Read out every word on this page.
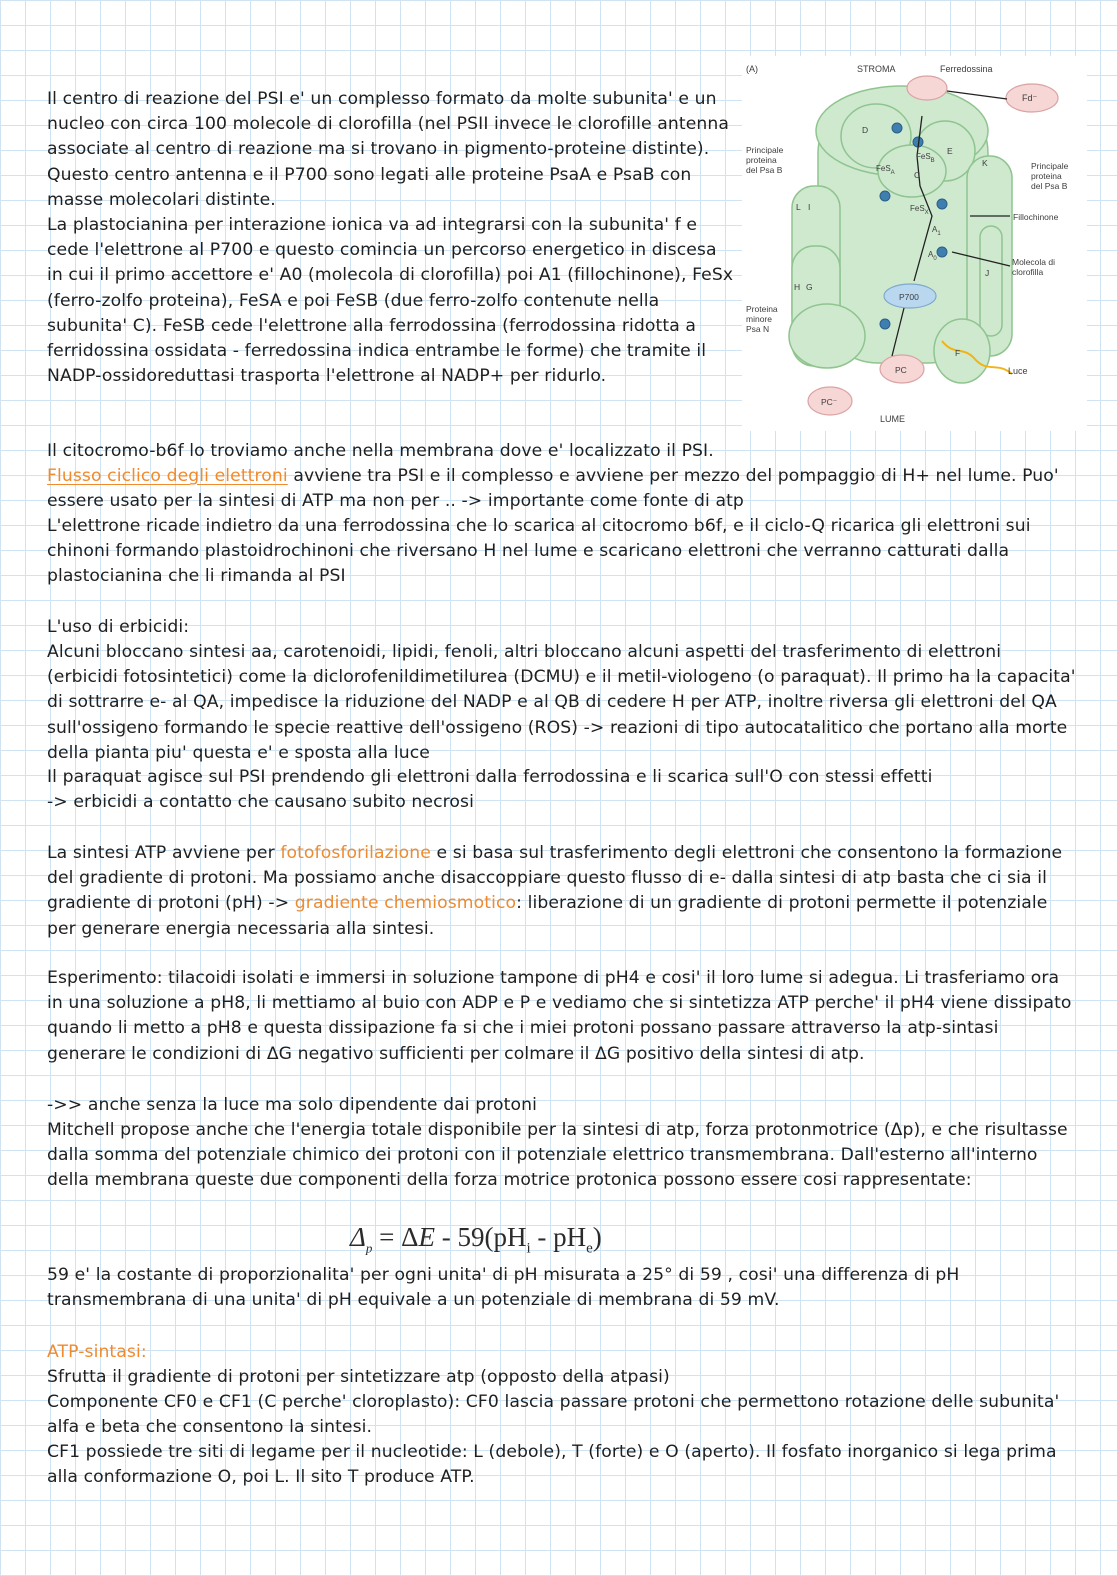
(A)	STROMA	Ferredossina
Fd⁻
Principale
proteina
del Psa B	Principale
proteina
del Psa B
Fillochinone
Molecola di
clorofilla
Proteina
minore
Psa N
Luce
LUME
P700
PC
PC⁻
D
E
C
K
L I
H G
J
F
FeS$_A$
FeS$_B$
FeS$_X$
$A_1$
$A_0$

Il centro di reazione del PSI e' un complesso formato da molte subunita' e un nucleo con circa 100 molecole di clorofilla (nel PSII invece le clorofille antenna associate al centro di reazione ma si trovano in pigmento-proteine distinte). Questo centro antenna e il P700 sono legati alle proteine PsaA e PsaB con masse molecolari distinte.

La plastocianina per interazione ionica va ad integrarsi con la subunita' f e cede l'elettrone al P700 e questo comincia un percorso energetico in discesa in cui il primo accettore e' A0 (molecola di clorofilla) poi A1 (fillochinone), FeSx (ferro-zolfo proteina), FeSA e poi FeSB (due ferro-zolfo contenute nella subunita' C). FeSB cede l'elettrone alla ferrodossina (ferrodossina ridotta a ferridossina ossidata - ferredossina indica entrambe le forme) che tramite il NADP-ossidoreduttasi trasporta l'elettrone al NADP+ per ridurlo.

Il citocromo-b6f lo troviamo anche nella membrana dove e' localizzato il PSI.

Flusso ciclico degli elettroni avviene tra PSI e il complesso e avviene per mezzo del pompaggio di H+ nel lume. Puo' essere usato per la sintesi di ATP ma non per .. -> importante come fonte di atp

L'elettrone ricade indietro da una ferrodossina che lo scarica al citocromo b6f, e il ciclo-Q ricarica gli elettroni sui chinoni formando plastoidrochinoni che riversano H nel lume e scaricano elettroni che verranno catturati dalla plastocianina che li rimanda al PSI

L'uso di erbicidi:

Alcuni bloccano sintesi aa, carotenoidi, lipidi, fenoli, altri bloccano alcuni aspetti del trasferimento di elettroni (erbicidi fotosintetici) come la diclorofenildimetilurea (DCMU) e il metil-viologeno (o paraquat). Il primo ha la capacita' di sottrarre e- al QA, impedisce la riduzione del NADP e al QB di cedere H per ATP, inoltre riversa gli elettroni del QA sull'ossigeno formando le specie reattive dell'ossigeno (ROS) -> reazioni di tipo autocatalitico che portano alla morte della pianta piu' questa e' e sposta alla luce

Il paraquat agisce sul PSI prendendo gli elettroni dalla ferrodossina e li scarica sull'O con stessi effetti

-> erbicidi a contatto che causano subito necrosi

La sintesi ATP avviene per fotofosforilazione e si basa sul trasferimento degli elettroni che consentono la formazione del gradiente di protoni. Ma possiamo anche disaccoppiare questo flusso di e- dalla sintesi di atp basta che ci sia il gradiente di protoni (pH) -> gradiente chemiosmotico: liberazione di un gradiente di protoni permette il potenziale per generare energia necessaria alla sintesi.

Esperimento: tilacoidi isolati e immersi in soluzione tampone di pH4 e cosi' il loro lume si adegua. Li trasferiamo ora in una soluzione a pH8, li mettiamo al buio con ADP e P e vediamo che si sintetizza ATP perche' il pH4 viene dissipato quando li metto a pH8 e questa dissipazione fa si che i miei protoni possano passare attraverso la atp-sintasi generare le condizioni di ΔG negativo sufficienti per colmare il ΔG positivo della sintesi di atp.

->> anche senza la luce ma solo dipendente dai protoni

Mitchell propose anche che l'energia totale disponibile per la sintesi di atp, forza protonmotrice (Δp), e che risultasse dalla somma del potenziale chimico dei protoni con il potenziale elettrico transmembrana. Dall'esterno all'interno della membrana queste due componenti della forza motrice protonica possono essere cosi rappresentate:

$\Delta_p = \Delta E - 59(pH_i - pH_e)$

59 e' la costante di proporzionalita' per ogni unita' di pH misurata a 25° di 59 , cosi' una differenza di pH transmembrana di una unita' di pH equivale a un potenziale di membrana di 59 mV.

ATP-sintasi:

Sfrutta il gradiente di protoni per sintetizzare atp (opposto della atpasi)

Componente CF0 e CF1 (C perche' cloroplasto): CF0 lascia passare protoni che permettono rotazione delle subunita' alfa e beta che consentono la sintesi.

CF1 possiede tre siti di legame per il nucleotide: L (debole), T (forte) e O (aperto). Il fosfato inorganico si lega prima alla conformazione O, poi L. Il sito T produce ATP.
